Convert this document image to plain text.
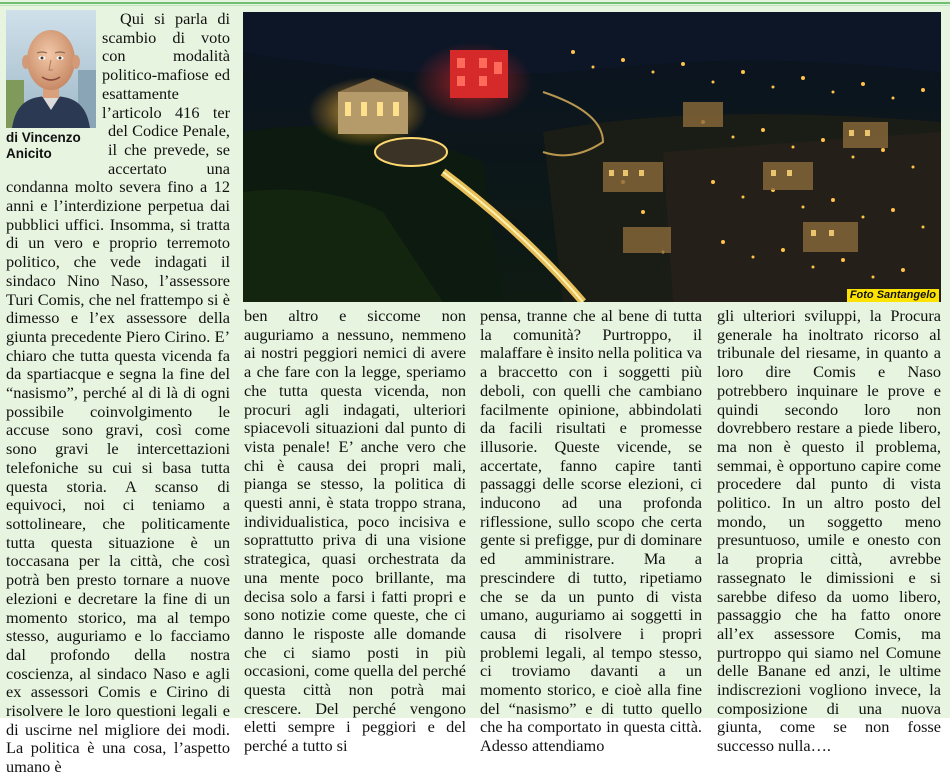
di Vincenzo Anicito

Qui si parla di scambio di voto con modalità politico-mafiose ed esattamente l’articolo 416 ter del Codice Penale, il che prevede, se accertato una condanna molto severa fino a 12 anni e l’interdizione perpetua dai pubblici uffici. Insomma, si tratta di un vero e proprio terremoto politico, che vede indagati il sindaco Nino Naso, l’assessore Turi Comis, che nel frattempo si è dimesso e l’ex assessore della giunta precedente Piero Cirino. E’ chiaro che tutta questa vicenda fa da spartiacque e segna la fine del “nasismo”, perché al di là di ogni possibile coinvolgimento le accuse sono gravi, così come sono gravi le intercettazioni telefoniche su cui si basa tutta questa storia. A scanso di equivoci, noi ci teniamo a sottolineare, che politicamente tutta questa situazione è un toccasana per la città, che così potrà ben presto tornare a nuove elezioni e decretare la fine di un momento storico, ma al tempo stesso, auguriamo e lo facciamo dal profondo della nostra coscienza, al sindaco Naso e agli ex assessori Comis e Cirino di risolvere le loro questioni legali e di uscirne nel migliore dei modi. La politica è una cosa, l’aspetto umano è

Foto Santangelo

ben altro e siccome non auguriamo a nessuno, nemmeno ai nostri peggiori nemici di avere a che fare con la legge, speriamo che tutta questa vicenda, non procuri agli indagati, ulteriori spiacevoli situazioni dal punto di vista penale! E’ anche vero che chi è causa dei propri mali, pianga se stesso, la politica di questi anni, è stata troppo strana, individualistica, poco incisiva e soprattutto priva di una visione strategica, quasi orchestrata da una mente poco brillante, ma decisa solo a farsi i fatti propri e sono notizie come queste, che ci danno le risposte alle domande che ci siamo posti in più occasioni, come quella del perché questa città non potrà mai crescere. Del perché vengono eletti sempre i peggiori e del perché a tutto si

pensa, tranne che al bene di tutta la comunità? Purtroppo, il malaffare è insito nella politica va a braccetto con i soggetti più deboli, con quelli che cambiano facilmente opinione, abbindolati da facili risultati e promesse illusorie. Queste vicende, se accertate, fanno capire tanti passaggi delle scorse elezioni, ci inducono ad una profonda riflessione, sullo scopo che certa gente si prefigge, pur di dominare ed amministrare. Ma a prescindere di tutto, ripetiamo che se da un punto di vista umano, auguriamo ai soggetti in causa di risolvere i propri problemi legali, al tempo stesso, ci troviamo davanti a un momento storico, e cioè alla fine del “nasismo” e di tutto quello che ha comportato in questa città. Adesso attendiamo

gli ulteriori sviluppi, la Procura generale ha inoltrato ricorso al tribunale del riesame, in quanto a loro dire Comis e Naso potrebbero inquinare le prove e quindi secondo loro non dovrebbero restare a piede libero, ma non è questo il problema, semmai, è opportuno capire come procedere dal punto di vista politico. In un altro posto del mondo, un soggetto meno presuntuoso, umile e onesto con la propria città, avrebbe rassegnato le dimissioni e si sarebbe difeso da uomo libero, passaggio che ha fatto onore all’ex assessore Comis, ma purtroppo qui siamo nel Comune delle Banane ed anzi, le ultime indiscrezioni vogliono invece, la composizione di una nuova giunta, come se non fosse successo nulla….
